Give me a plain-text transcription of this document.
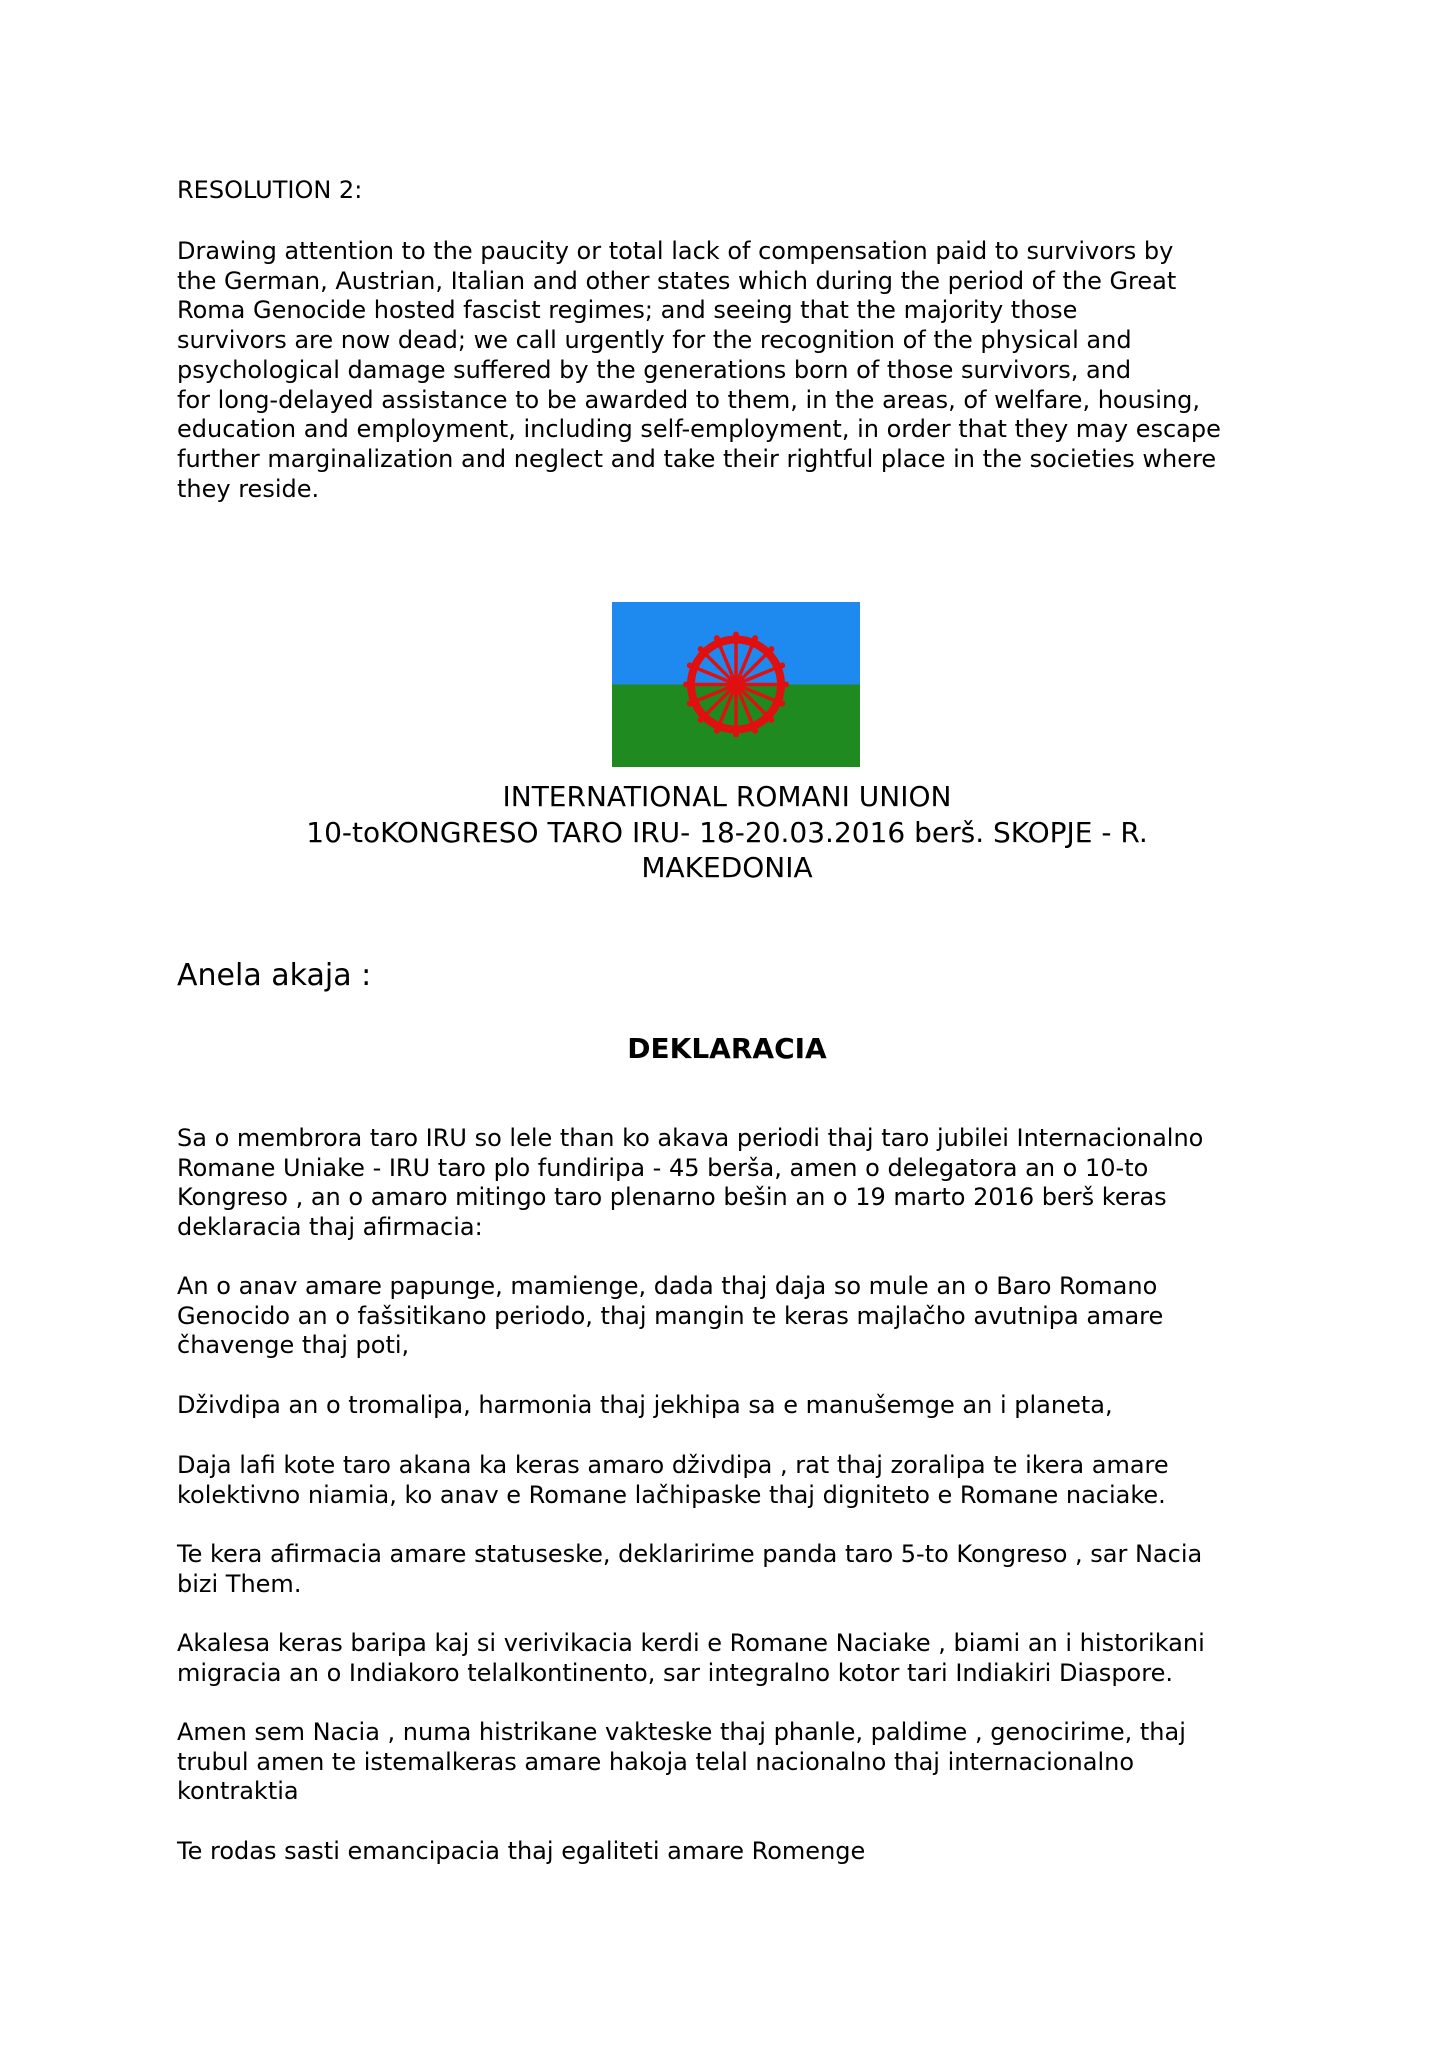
RESOLUTION 2:

Drawing attention to the paucity or total lack of compensation paid to survivors by
the German, Austrian, Italian and other states which during the period of the Great
Roma Genocide hosted fascist regimes; and seeing that the majority those
survivors are now dead; we call urgently for the recognition of the physical and
psychological damage suffered by the generations born of those survivors, and
for long-delayed assistance to be awarded to them, in the areas, of welfare, housing,
education and employment, including self-employment, in order that they may escape
further marginalization and neglect and take their rightful place in the societies where
they reside.
INTERNATIONAL ROMANI UNION
10-toKONGRESO TARO IRU- 18-20.03.2016 berš. SKOPJE - R.
MAKEDONIA

Anela akaja :

DEKLARACIA

Sa o membrora taro IRU so lele than ko akava periodi thaj taro jubilei Internacionalno
Romane Uniake - IRU taro plo fundiripa - 45 berša, amen o delegatora an o 10-to
Kongreso , an o amaro mitingo taro plenarno bešin an o 19 marto 2016 berš keras
deklaracia thaj afirmacia:
An o anav amare papunge, mamienge, dada thaj daja so mule an o Baro Romano
Genocido an o fašsitikano periodo, thaj mangin te keras majlačho avutnipa amare
čhavenge thaj poti,
Dživdipa an o tromalipa, harmonia thaj jekhipa sa e manušemge an i planeta,
Daja lafi kote taro akana ka keras amaro dživdipa , rat thaj zoralipa te ikera amare
kolektivno niamia, ko anav e Romane lačhipaske thaj digniteto e Romane naciake.
Te kera afirmacia amare statuseske, deklaririme panda taro 5-to Kongreso , sar Nacia
bizi Them.
Akalesa keras baripa kaj si verivikacia kerdi e Romane Naciake , biami an i historikani
migracia an o Indiakoro telalkontinento, sar integralno kotor tari Indiakiri Diaspore.
Amen sem Nacia , numa histrikane vakteske thaj phanle, paldime , genocirime, thaj
trubul amen te istemalkeras amare hakoja telal nacionalno thaj internacionalno
kontraktia
Te rodas sasti emancipacia thaj egaliteti amare Romenge
